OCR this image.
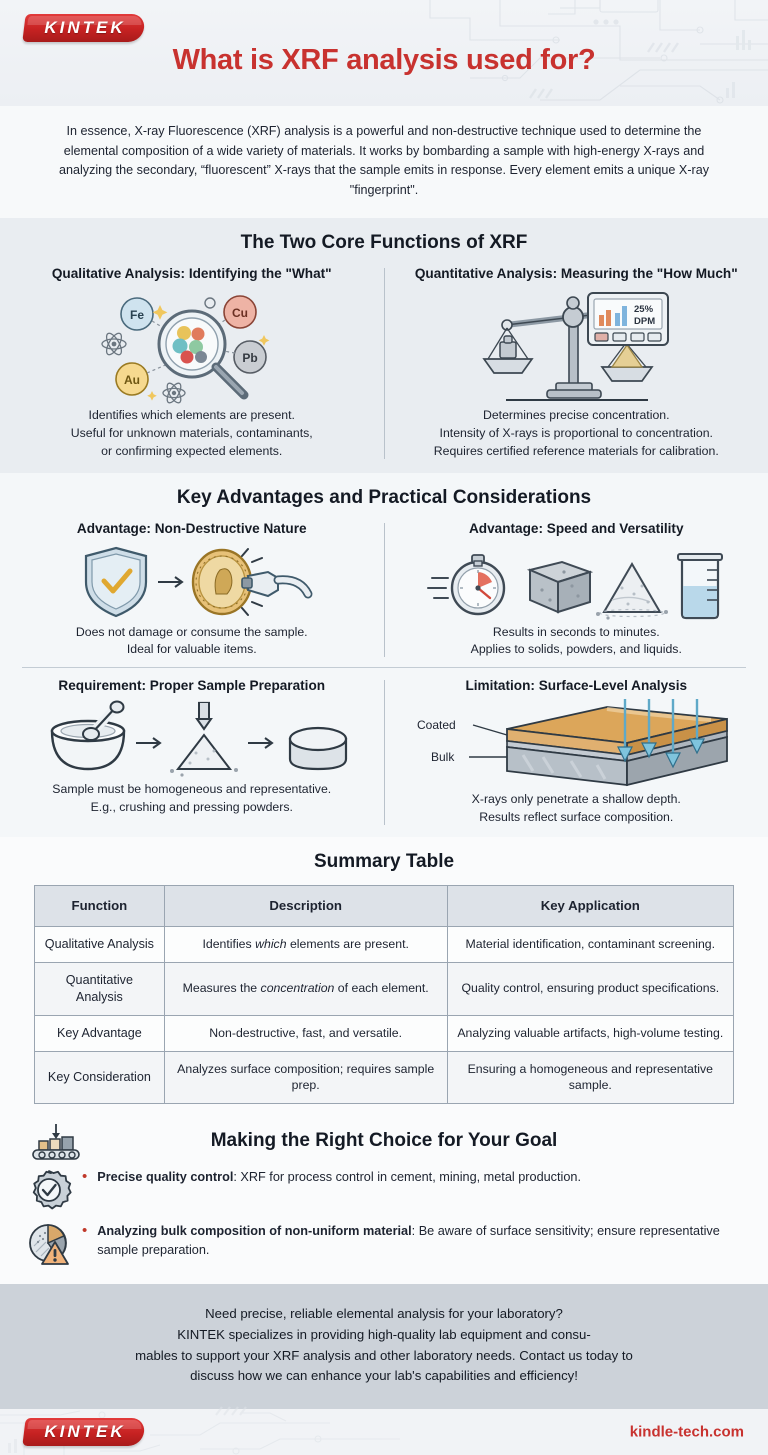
KINTEK
What is XRF analysis used for?
In essence, X-ray Fluorescence (XRF) analysis is a powerful and non-destructive technique used to determine the elemental composition of a wide variety of materials. It works by bombarding a sample with high-energy X-rays and analyzing the secondary, “fluorescent” X-rays that the sample emits in response. Every element emits a unique X-ray "fingerprint".
The Two Core Functions of XRF
Qualitative Analysis: Identifying the "What"
Fe	Cu
Pb
Au
Identifies which elements are present.
Useful for unknown materials, contaminants,
or confirming expected elements.
Quantitative Analysis: Measuring the "How Much"
25%
DPM
Determines precise concentration.
Intensity of X-rays is proportional to concentration.
Requires certified reference materials for calibration.
Key Advantages and Practical Considerations
Advantage: Non-Destructive Nature
Does not damage or consume the sample.
Ideal for valuable items.
Advantage: Speed and Versatility
Results in seconds to minutes.
Applies to solids, powders, and liquids.
Requirement: Proper Sample Preparation
Sample must be homogeneous and representative.
E.g., crushing and pressing powders.
Limitation: Surface-Level Analysis
Coated
Bulk
X-rays only penetrate a shallow depth.
Results reflect surface composition.
Summary Table
Function	Description	Key Application
Qualitative Analysis	Identifies which elements are present.	Material identification, contaminant screening.
Quantitative Analysis	Measures the concentration of each element.	Quality control, ensuring product specifications.
Key Advantage	Non-destructive, fast, and versatile.	Analyzing valuable artifacts, high-volume testing.
Key Consideration	Analyzes surface composition; requires sample prep.	Ensuring a homogeneous and representative sample.
Making the Right Choice for Your Goal
• Precise quality control: XRF for process control in cement, mining, metal production.
• Analyzing bulk composition of non-uniform material: Be aware of surface sensitivity; ensure representative sample preparation.
Need precise, reliable elemental analysis for your laboratory?
KINTEK specializes in providing high-quality lab equipment and consu-
mables to support your XRF analysis and other laboratory needs. Contact us today to
discuss how we can enhance your lab's capabilities and efficiency!
KINTEK	kindle-tech.com
